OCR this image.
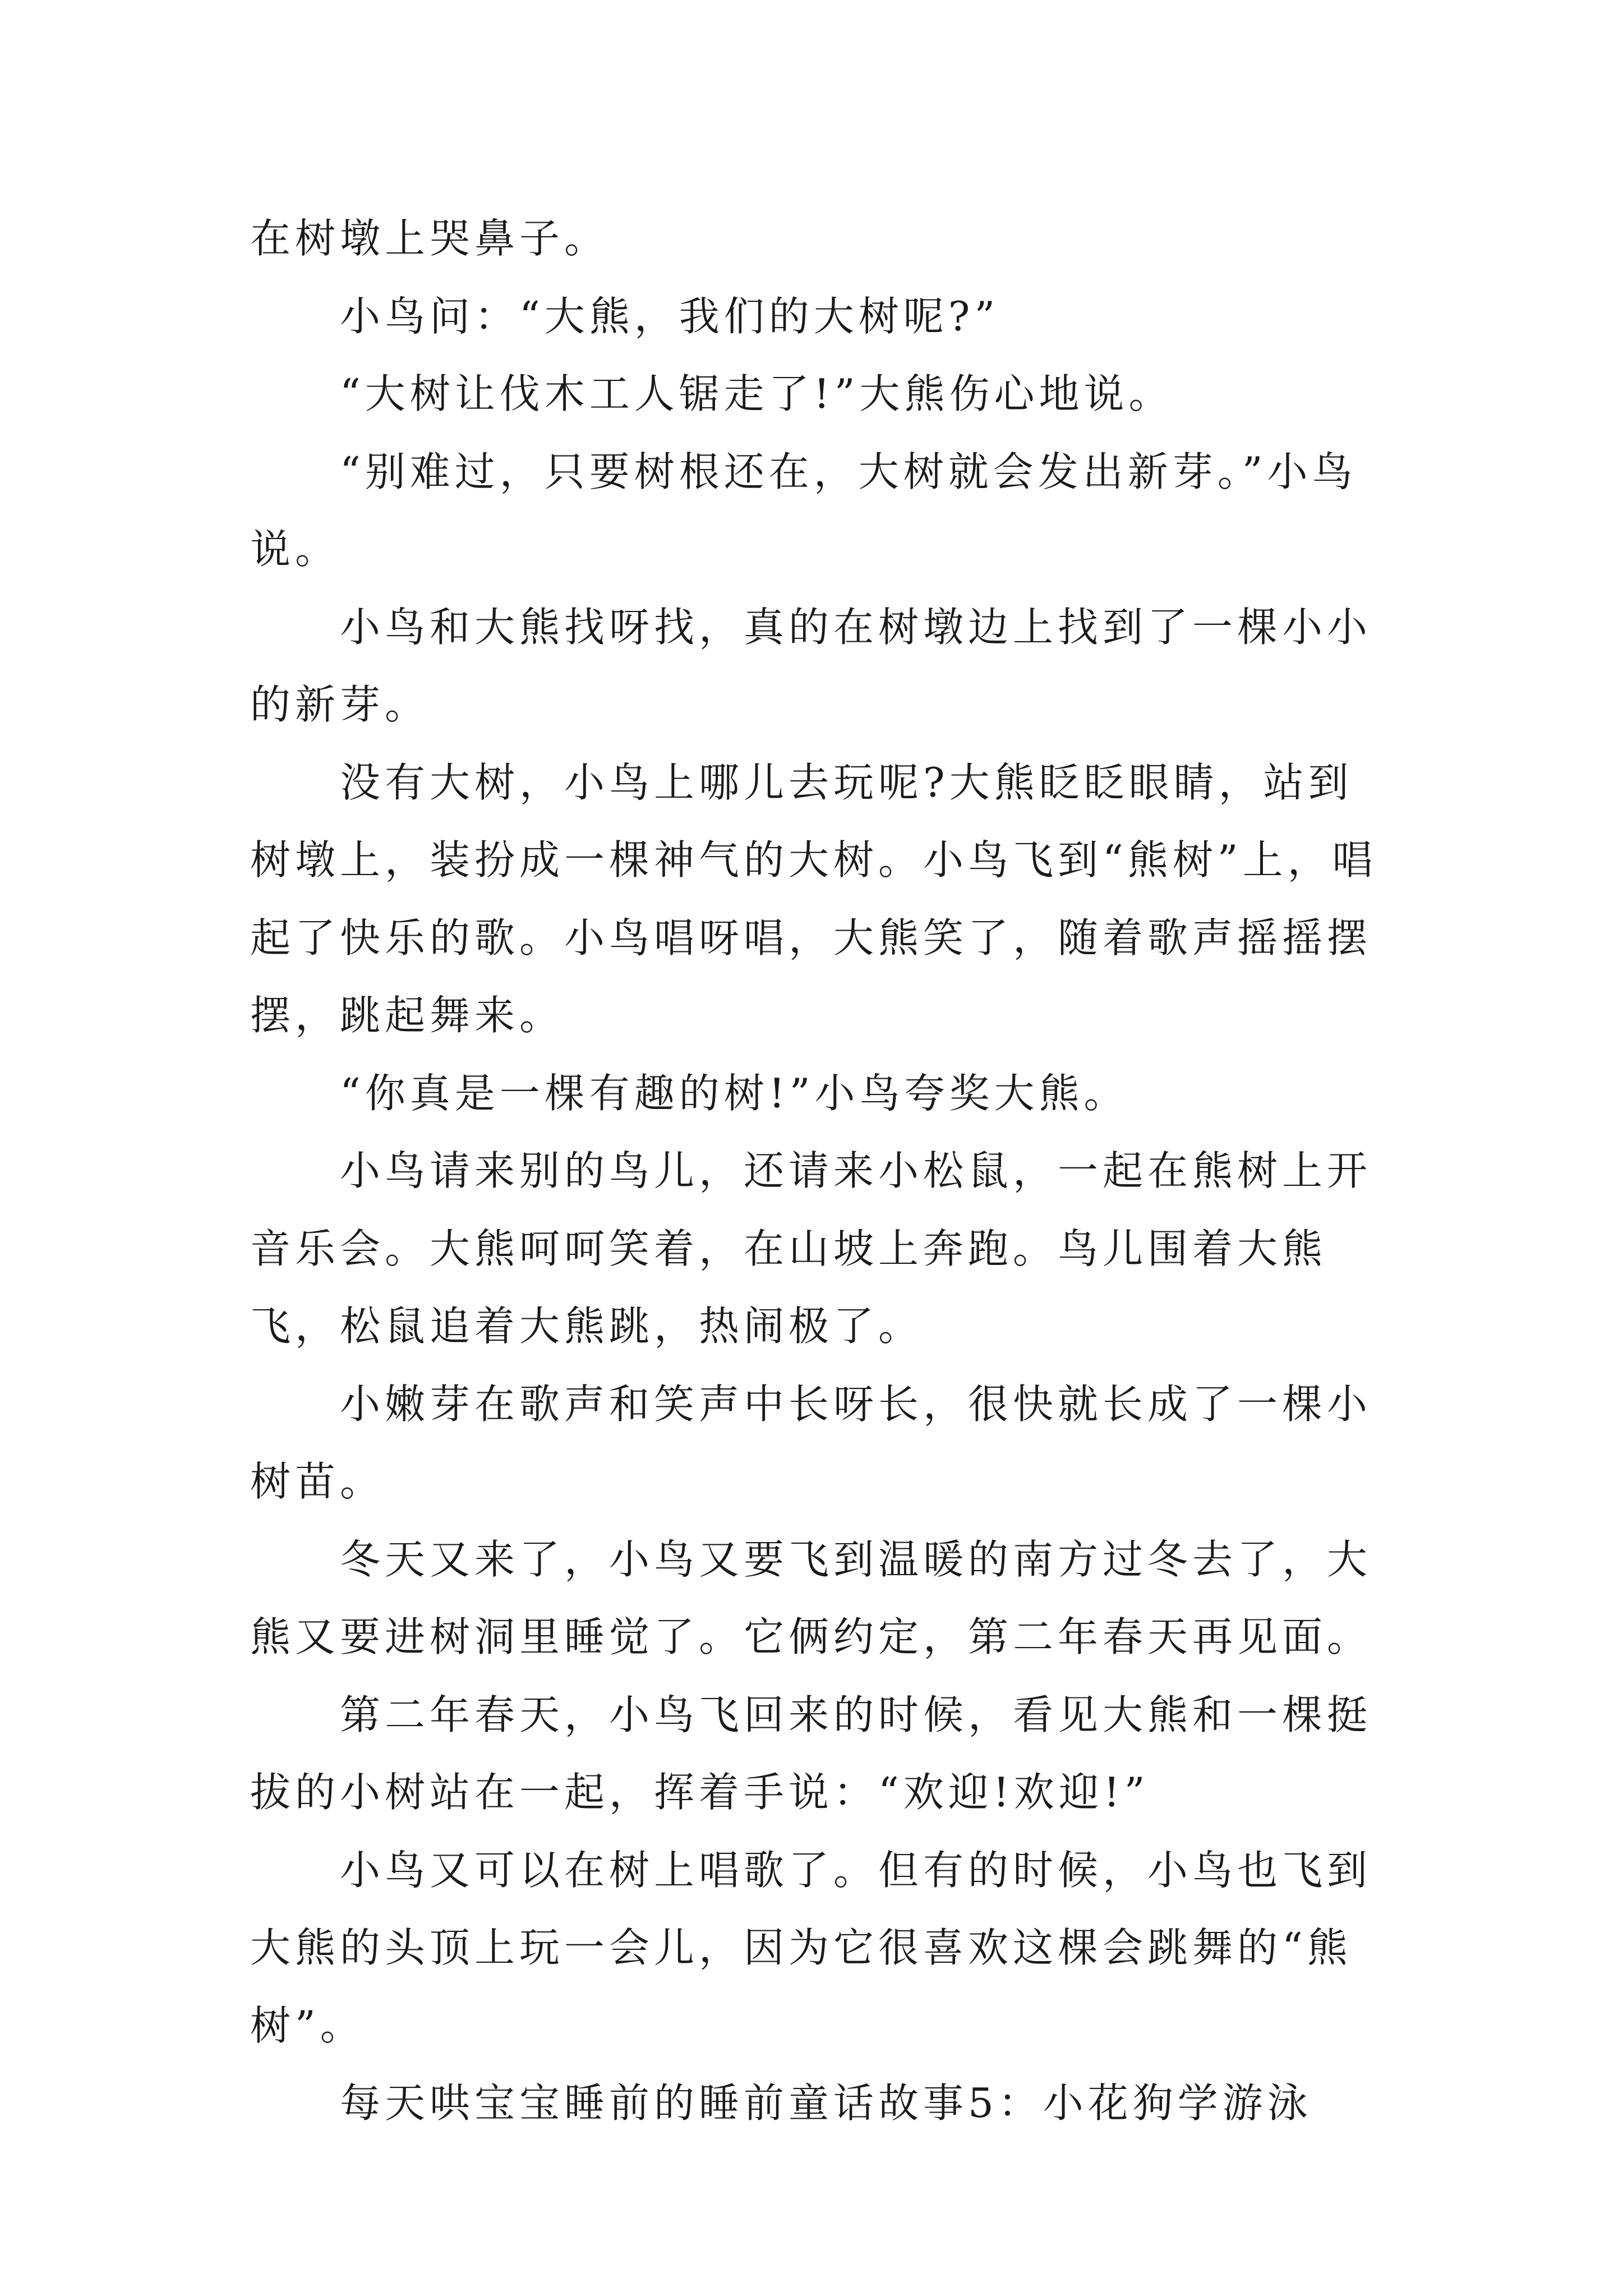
在树墩上哭鼻子。

小鸟问：“大熊，我们的大树呢?”

“大树让伐木工人锯走了!”大熊伤心地说。

“别难过，只要树根还在，大树就会发出新芽。”小鸟说。

小鸟和大熊找呀找，真的在树墩边上找到了一棵小小的新芽。

没有大树，小鸟上哪儿去玩呢?大熊眨眨眼睛，站到树墩上，装扮成一棵神气的大树。小鸟飞到“熊树”上，唱起了快乐的歌。小鸟唱呀唱，大熊笑了，随着歌声摇摇摆摆，跳起舞来。

“你真是一棵有趣的树!”小鸟夸奖大熊。

小鸟请来别的鸟儿，还请来小松鼠，一起在熊树上开音乐会。大熊呵呵笑着，在山坡上奔跑。鸟儿围着大熊飞，松鼠追着大熊跳，热闹极了。

小嫩芽在歌声和笑声中长呀长，很快就长成了一棵小树苗。

冬天又来了，小鸟又要飞到温暖的南方过冬去了，大熊又要进树洞里睡觉了。它俩约定，第二年春天再见面。

第二年春天，小鸟飞回来的时候，看见大熊和一棵挺拔的小树站在一起，挥着手说：“欢迎!欢迎!”

小鸟又可以在树上唱歌了。但有的时候，小鸟也飞到大熊的头顶上玩一会儿，因为它很喜欢这棵会跳舞的“熊树”。

每天哄宝宝睡前的睡前童话故事5：小花狗学游泳
